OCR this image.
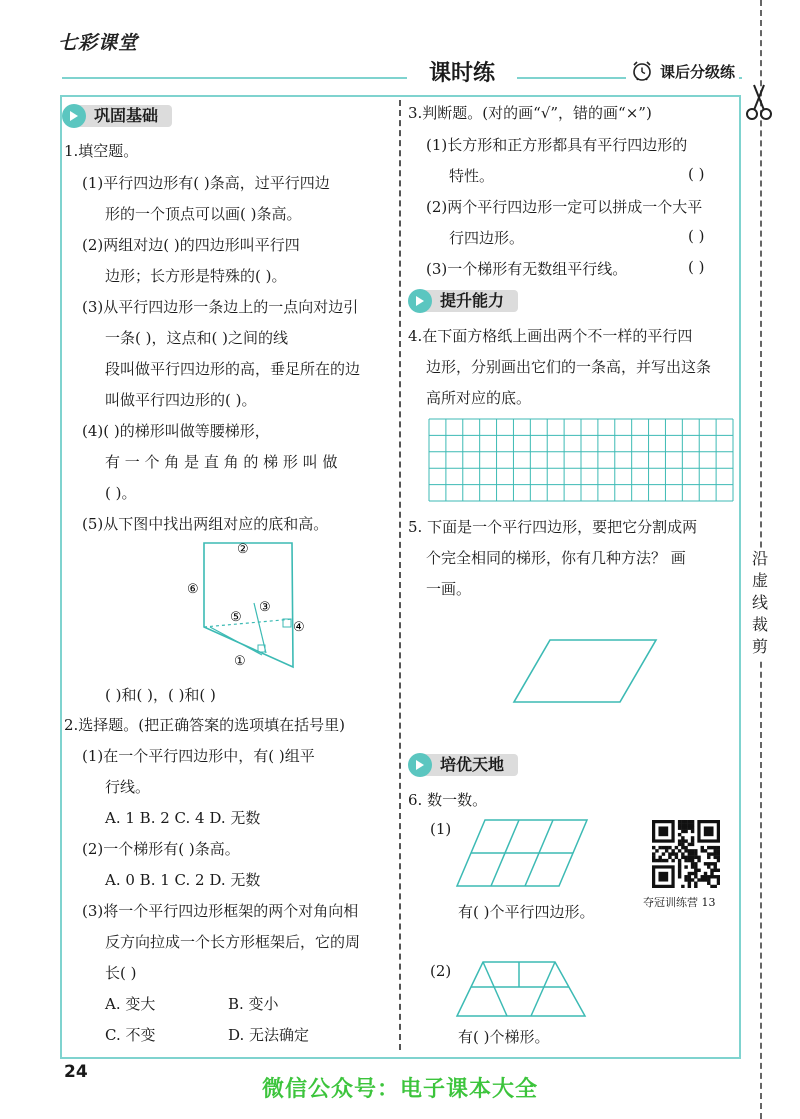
七彩课堂
课时练	课后分级练
沿虚线裁剪
巩固基础
1.填空题。
(1)平行四边形有( )条高，过平行四边
形的一个顶点可以画( )条高。
(2)两组对边( )的四边形叫平行四
边形；长方形是特殊的( )。
(3)从平行四边形一条边上的一点向对边引
一条( )，这点和( )之间的线
段叫做平行四边形的高，垂足所在的边
叫做平行四边形的( )。
(4)( )的梯形叫做等腰梯形，
有 一 个 角 是 直 角 的 梯 形 叫 做
( )。
(5)从下图中找出两组对应的底和高。
②
⑥
⑤
③
④
①
( )和( )，( )和( )
2.选择题。(把正确答案的选项填在括号里)
(1)在一个平行四边形中，有( )组平
行线。
A. 1 B. 2 C. 4 D. 无数
(2)一个梯形有( )条高。
A. 0 B. 1 C. 2 D. 无数
(3)将一个平行四边形框架的两个对角向相
反方向拉成一个长方形框架后，它的周
长( )
A. 变大	B. 变小
C. 不变	D. 无法确定
3.判断题。(对的画“√”，错的画“×”)
(1)长方形和正方形都具有平行四边形的
特性。	( )
(2)两个平行四边形一定可以拼成一个大平
行四边形。	( )
(3)一个梯形有无数组平行线。	( )
提升能力
4.在下面方格纸上画出两个不一样的平行四
边形，分别画出它们的一条高，并写出这条
高所对应的底。
5. 下面是一个平行四边形，要把它分割成两
个完全相同的梯形，你有几种方法？ 画
一画。
培优天地
6. 数一数。
(1)
夺冠训练营 13
有( )个平行四边形。
(2)
有( )个梯形。
24
微信公众号：电子课本大全
